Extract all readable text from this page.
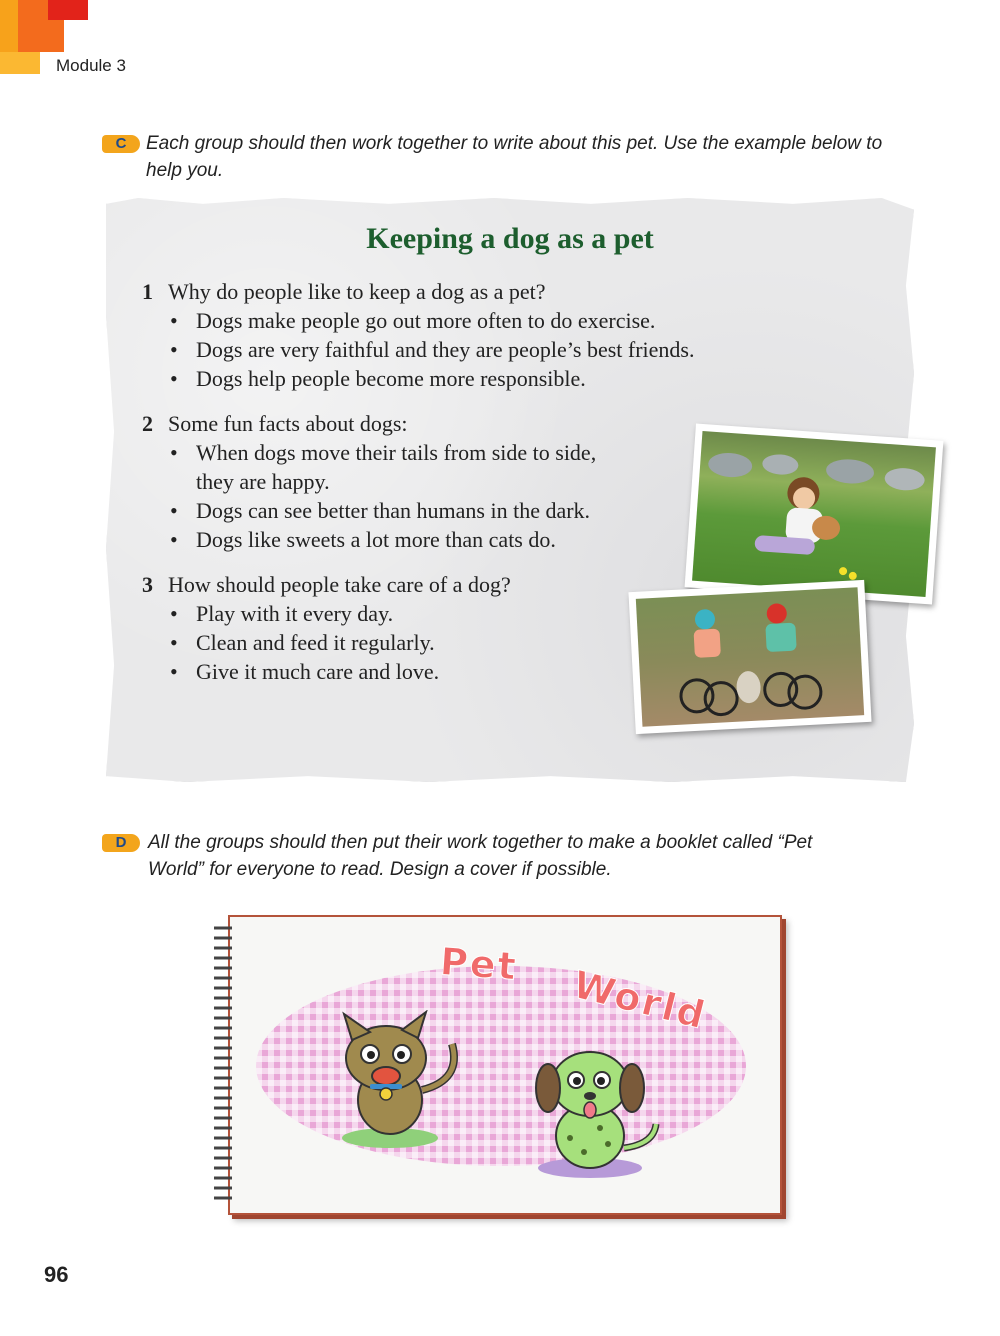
Module 3
C	Each group should then work together to write about this pet. Use the example below to help you.
Keeping a dog as a pet
1 Why do people like to keep a dog as a pet?
• Dogs make people go out more often to do exercise.
• Dogs are very faithful and they are people’s best friends.
• Dogs help people become more responsible.
2 Some fun facts about dogs:
• When dogs move their tails from side to side,
they are happy.
• Dogs can see better than humans in the dark.
• Dogs like sweets a lot more than cats do.
3 How should people take care of a dog?
• Play with it every day.
• Clean and feed it regularly.
• Give it much care and love.
D	All the groups should then put their work together to make a booklet called “Pet
World” for everyone to read. Design a cover if possible.
Pet World
96
